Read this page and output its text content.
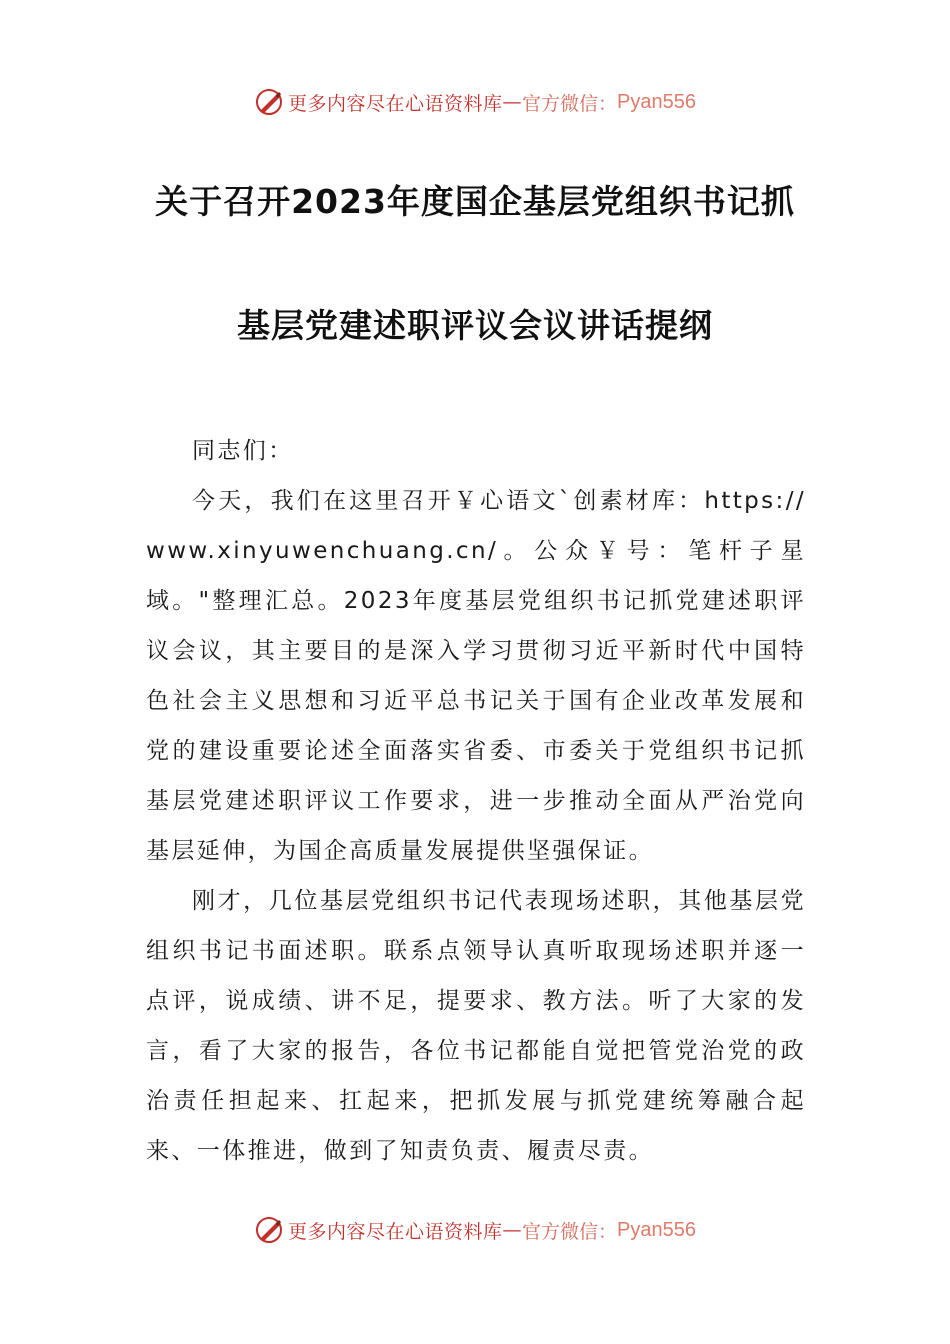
更多内容尽在心语资料库 — 官方微信： Pyan556
关于召开2023年度国企基层党组织书记抓
基层党建述职评议会议讲话提纲

同志们：

今天，我们在这里召开￥心语文`创素材库：https://www.xinyuwenchuang.cn/。公众￥号：笔杆子星域。"整理汇总。2023年度基层党组织书记抓党建述职评议会议，其主要目的是深入学习贯彻习近平新时代中国特色社会主义思想和习近平总书记关于国有企业改革发展和党的建设重要论述全面落实省委、市委关于党组织书记抓基层党建述职评议工作要求，进一步推动全面从严治党向基层延伸，为国企高质量发展提供坚强保证。

刚才，几位基层党组织书记代表现场述职，其他基层党组织书记书面述职。联系点领导认真听取现场述职并逐一点评，说成绩、讲不足，提要求、教方法。听了大家的发言，看了大家的报告，各位书记都能自觉把管党治党的政治责任担起来、扛起来，把抓发展与抓党建统筹融合起来、一体推进，做到了知责负责、履责尽责。

更多内容尽在心语资料库 — 官方微信： Pyan556
